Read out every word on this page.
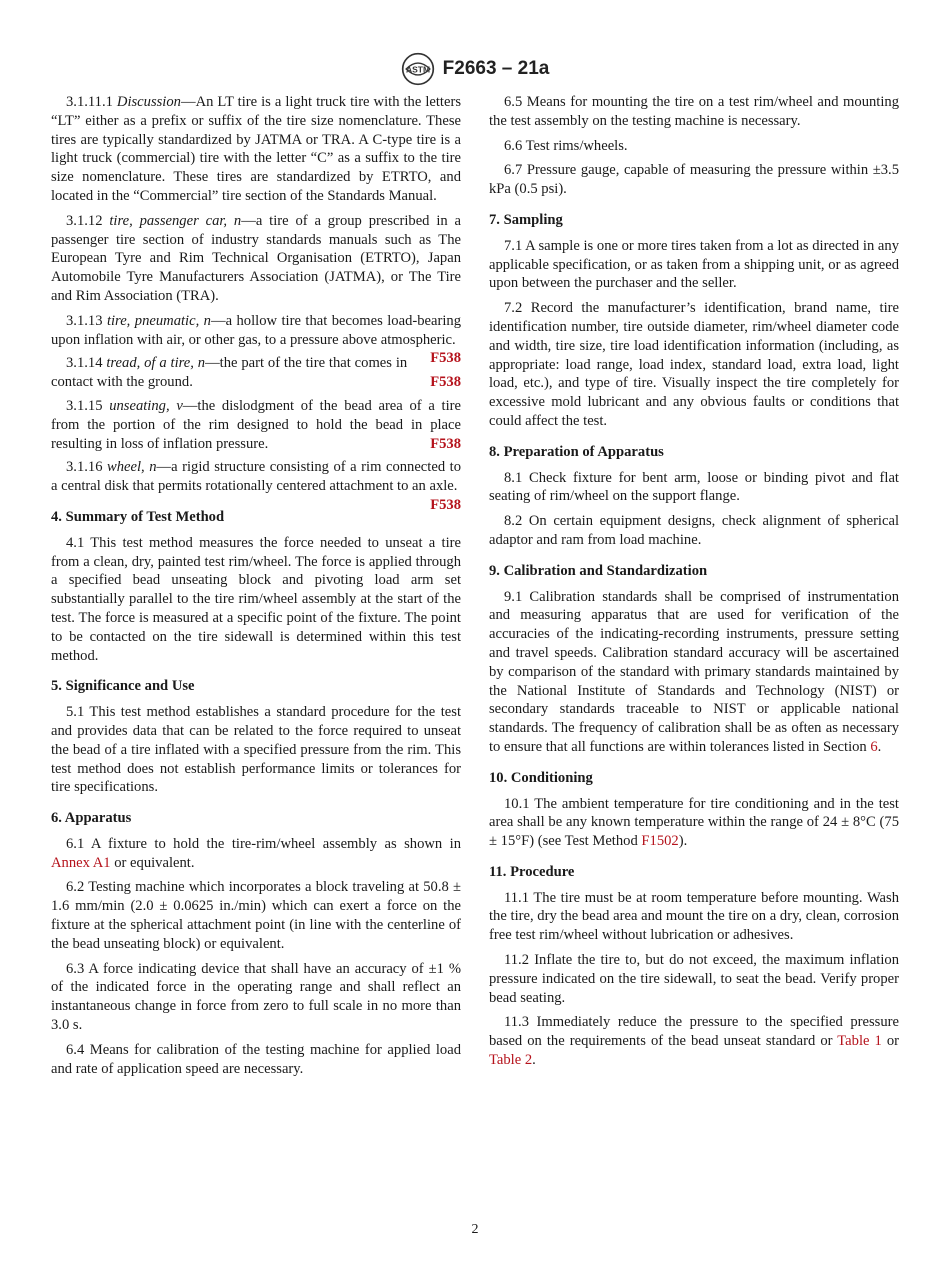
ASTM F2663 – 21a

3.1.11.1 Discussion—An LT tire is a light truck tire with the letters “LT” either as a prefix or suffix of the tire size nomenclature. These tires are typically standardized by JATMA or TRA. A C-type tire is a light truck (commercial) tire with the letter “C” as a suffix to the tire size nomenclature. These tires are standardized by ETRTO, and located in the “Commercial” tire section of the Standards Manual.

3.1.12 tire, passenger car, n—a tire of a group prescribed in a passenger tire section of industry standards manuals such as The European Tyre and Rim Technical Organisation (ETRTO), Japan Automobile Tyre Manufacturers Association (JATMA), or The Tire and Rim Association (TRA).

3.1.13 tire, pneumatic, n—a hollow tire that becomes load-bearing upon inflation with air, or other gas, to a pressure above atmospheric.
F538

3.1.14 tread, of a tire, n—the part of the tire that comes in contact with the ground.	F538

3.1.15 unseating, v—the dislodgment of the bead area of a tire from the portion of the rim designed to hold the bead in place resulting in loss of inflation pressure.	F538

3.1.16 wheel, n—a rigid structure consisting of a rim connected to a central disk that permits rotationally centered attachment to an axle.
F538

4. Summary of Test Method

4.1 This test method measures the force needed to unseat a tire from a clean, dry, painted test rim/wheel. The force is applied through a specified bead unseating block and pivoting load arm set substantially parallel to the tire rim/wheel assembly at the start of the test. The force is measured at a specific point of the fixture. The point to be contacted on the tire sidewall is determined within this test method.

5. Significance and Use

5.1 This test method establishes a standard procedure for the test and provides data that can be related to the force required to unseat the bead of a tire inflated with a specified pressure from the rim. This test method does not establish performance limits or tolerances for tire specifications.

6. Apparatus

6.1 A fixture to hold the tire-rim/wheel assembly as shown in Annex A1 or equivalent.

6.2 Testing machine which incorporates a block traveling at 50.8 ± 1.6 mm/min (2.0 ± 0.0625 in./min) which can exert a force on the fixture at the spherical attachment point (in line with the centerline of the bead unseating block) or equivalent.

6.3 A force indicating device that shall have an accuracy of ±1 % of the indicated force in the operating range and shall reflect an instantaneous change in force from zero to full scale in no more than 3.0 s.

6.4 Means for calibration of the testing machine for applied load and rate of application speed are necessary.

6.5 Means for mounting the tire on a test rim/wheel and mounting the test assembly on the testing machine is necessary.

6.6 Test rims/wheels.

6.7 Pressure gauge, capable of measuring the pressure within ±3.5 kPa (0.5 psi).

7. Sampling

7.1 A sample is one or more tires taken from a lot as directed in any applicable specification, or as taken from a shipping unit, or as agreed upon between the purchaser and the seller.

7.2 Record the manufacturer’s identification, brand name, tire identification number, tire outside diameter, rim/wheel diameter code and width, tire size, tire load identification information (including, as appropriate: load range, load index, standard load, extra load, light load, etc.), and type of tire. Visually inspect the tire completely for excessive mold lubricant and any obvious faults or conditions that could affect the test.

8. Preparation of Apparatus

8.1 Check fixture for bent arm, loose or binding pivot and flat seating of rim/wheel on the support flange.

8.2 On certain equipment designs, check alignment of spherical adaptor and ram from load machine.

9. Calibration and Standardization

9.1 Calibration standards shall be comprised of instrumentation and measuring apparatus that are used for verification of the accuracies of the indicating-recording instruments, pressure setting and travel speeds. Calibration standard accuracy will be ascertained by comparison of the standard with primary standards maintained by the National Institute of Standards and Technology (NIST) or secondary standards traceable to NIST or applicable national standards. The frequency of calibration shall be as often as necessary to ensure that all functions are within tolerances listed in Section 6.

10. Conditioning

10.1 The ambient temperature for tire conditioning and in the test area shall be any known temperature within the range of 24 ± 8°C (75 ± 15°F) (see Test Method F1502).

11. Procedure

11.1 The tire must be at room temperature before mounting. Wash the tire, dry the bead area and mount the tire on a dry, clean, corrosion free test rim/wheel without lubrication or adhesives.

11.2 Inflate the tire to, but do not exceed, the maximum inflation pressure indicated on the tire sidewall, to seat the bead. Verify proper bead seating.

11.3 Immediately reduce the pressure to the specified pressure based on the requirements of the bead unseat standard or Table 1 or Table 2.

2
